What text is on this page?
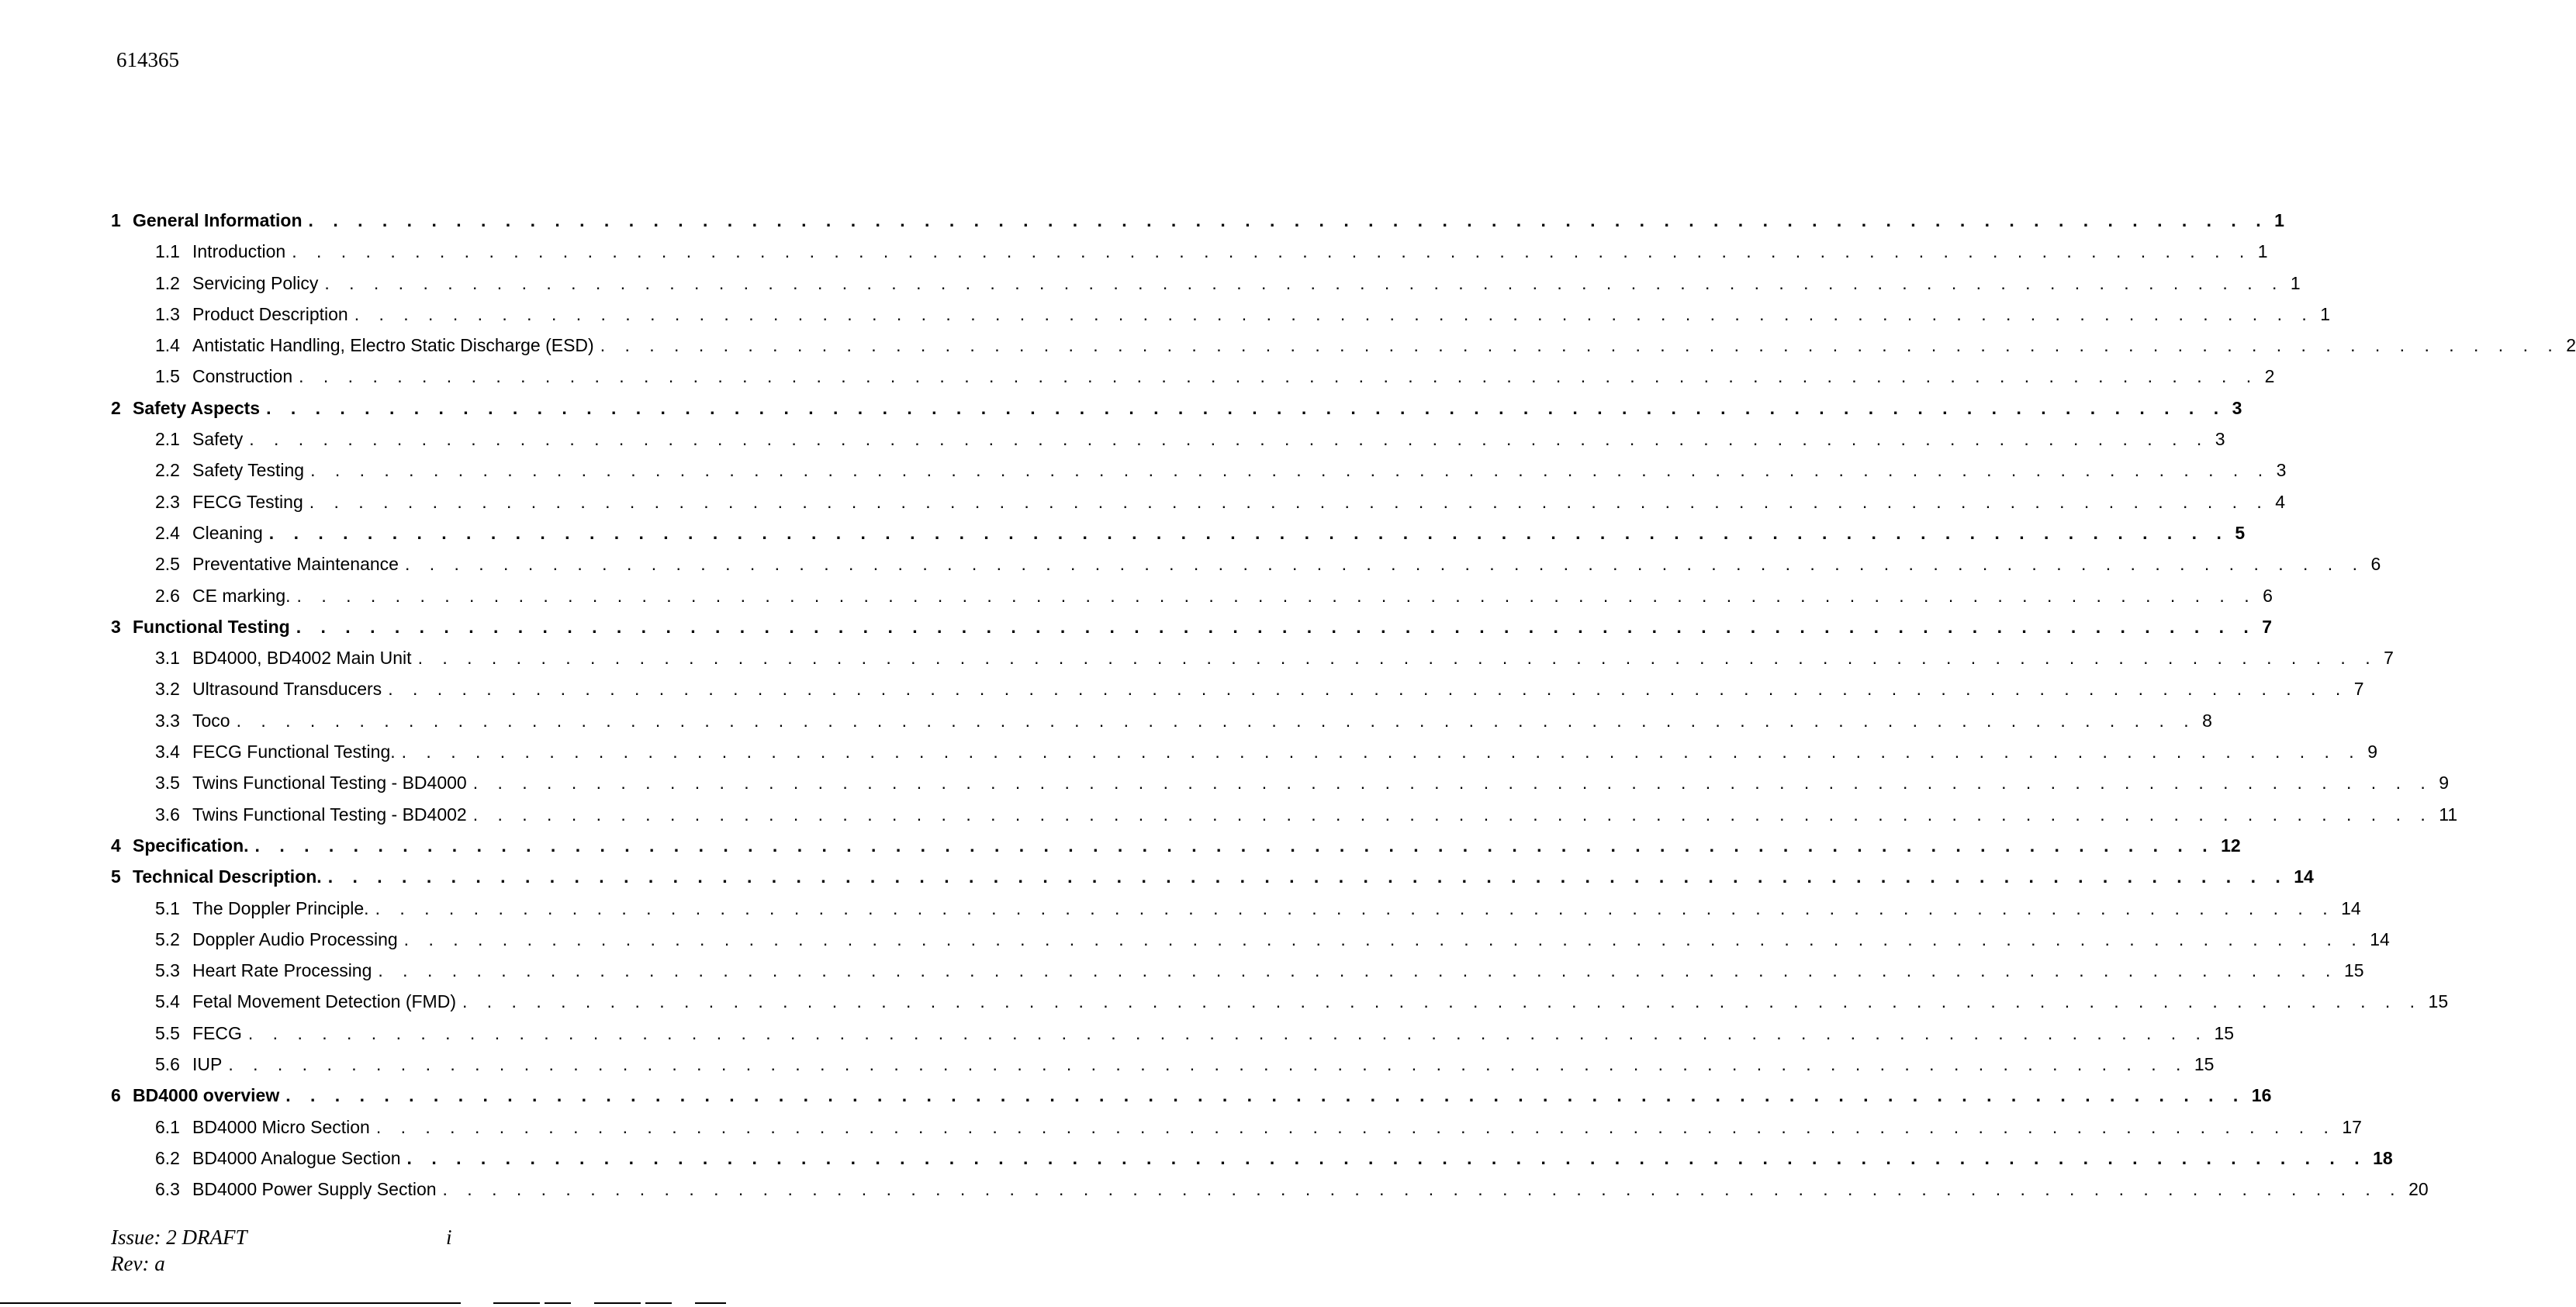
614365
1 General Information . . . . . . . . . . . . . . . . . . . . . . . . . . . . . . . . . . . . . . . . . . . . . . . . . . . . . . . . . . . . . . . . . . . . . . . . . . . . . . . . 1
1.1 Introduction . . . . . . . . . . . . . . . . . . . . . . . . . . . . . . . . . . . . . . . . . . . . . . . . . . . . . . . . . . . . . . . . . . . . . . . . . . . . . . . . 1
1.2 Servicing Policy . . . . . . . . . . . . . . . . . . . . . . . . . . . . . . . . . . . . . . . . . . . . . . . . . . . . . . . . . . . . . . . . . . . . . . . . . . . . . . . . 1
1.3 Product Description . . . . . . . . . . . . . . . . . . . . . . . . . . . . . . . . . . . . . . . . . . . . . . . . . . . . . . . . . . . . . . . . . . . . . . . . . . . . . . . . 1
1.4 Antistatic Handling, Electro Static Discharge (ESD) . . . . . . . . . . . . . . . . . . . . . . . . . . . . . . . . . . . . . . . . . . . . . . . . . . . . . . . . . . . . . . . . . . . . . . . . . . . . . . . . 2
1.5 Construction . . . . . . . . . . . . . . . . . . . . . . . . . . . . . . . . . . . . . . . . . . . . . . . . . . . . . . . . . . . . . . . . . . . . . . . . . . . . . . . . 2
2 Safety Aspects . . . . . . . . . . . . . . . . . . . . . . . . . . . . . . . . . . . . . . . . . . . . . . . . . . . . . . . . . . . . . . . . . . . . . . . . . . . . . . . . 3
2.1 Safety . . . . . . . . . . . . . . . . . . . . . . . . . . . . . . . . . . . . . . . . . . . . . . . . . . . . . . . . . . . . . . . . . . . . . . . . . . . . . . . . 3
2.2 Safety Testing . . . . . . . . . . . . . . . . . . . . . . . . . . . . . . . . . . . . . . . . . . . . . . . . . . . . . . . . . . . . . . . . . . . . . . . . . . . . . . . . 3
2.3 FECG Testing . . . . . . . . . . . . . . . . . . . . . . . . . . . . . . . . . . . . . . . . . . . . . . . . . . . . . . . . . . . . . . . . . . . . . . . . . . . . . . . . 4
2.4 Cleaning . . . . . . . . . . . . . . . . . . . . . . . . . . . . . . . . . . . . . . . . . . . . . . . . . . . . . . . . . . . . . . . . . . . . . . . . . . . . . . . . 5
2.5 Preventative Maintenance . . . . . . . . . . . . . . . . . . . . . . . . . . . . . . . . . . . . . . . . . . . . . . . . . . . . . . . . . . . . . . . . . . . . . . . . . . . . . . . . 6
2.6 CE marking. . . . . . . . . . . . . . . . . . . . . . . . . . . . . . . . . . . . . . . . . . . . . . . . . . . . . . . . . . . . . . . . . . . . . . . . . . . . . . . . . 6
3 Functional Testing . . . . . . . . . . . . . . . . . . . . . . . . . . . . . . . . . . . . . . . . . . . . . . . . . . . . . . . . . . . . . . . . . . . . . . . . . . . . . . . . 7
3.1 BD4000, BD4002 Main Unit . . . . . . . . . . . . . . . . . . . . . . . . . . . . . . . . . . . . . . . . . . . . . . . . . . . . . . . . . . . . . . . . . . . . . . . . . . . . . . . . 7
3.2 Ultrasound Transducers . . . . . . . . . . . . . . . . . . . . . . . . . . . . . . . . . . . . . . . . . . . . . . . . . . . . . . . . . . . . . . . . . . . . . . . . . . . . . . . . 7
3.3 Toco . . . . . . . . . . . . . . . . . . . . . . . . . . . . . . . . . . . . . . . . . . . . . . . . . . . . . . . . . . . . . . . . . . . . . . . . . . . . . . . . 8
3.4 FECG Functional Testing. . . . . . . . . . . . . . . . . . . . . . . . . . . . . . . . . . . . . . . . . . . . . . . . . . . . . . . . . . . . . . . . . . . . . . . . . . . . . . . . . 9
3.5 Twins Functional Testing - BD4000 . . . . . . . . . . . . . . . . . . . . . . . . . . . . . . . . . . . . . . . . . . . . . . . . . . . . . . . . . . . . . . . . . . . . . . . . . . . . . . . . 9
3.6 Twins Functional Testing - BD4002 . . . . . . . . . . . . . . . . . . . . . . . . . . . . . . . . . . . . . . . . . . . . . . . . . . . . . . . . . . . . . . . . . . . . . . . . . . . . . . . . 11
4 Specification. . . . . . . . . . . . . . . . . . . . . . . . . . . . . . . . . . . . . . . . . . . . . . . . . . . . . . . . . . . . . . . . . . . . . . . . . . . . . . . . . 12
5 Technical Description. . . . . . . . . . . . . . . . . . . . . . . . . . . . . . . . . . . . . . . . . . . . . . . . . . . . . . . . . . . . . . . . . . . . . . . . . . . . . . . . . 14
5.1 The Doppler Principle. . . . . . . . . . . . . . . . . . . . . . . . . . . . . . . . . . . . . . . . . . . . . . . . . . . . . . . . . . . . . . . . . . . . . . . . . . . . . . . . . 14
5.2 Doppler Audio Processing . . . . . . . . . . . . . . . . . . . . . . . . . . . . . . . . . . . . . . . . . . . . . . . . . . . . . . . . . . . . . . . . . . . . . . . . . . . . . . . . 14
5.3 Heart Rate Processing . . . . . . . . . . . . . . . . . . . . . . . . . . . . . . . . . . . . . . . . . . . . . . . . . . . . . . . . . . . . . . . . . . . . . . . . . . . . . . . . 15
5.4 Fetal Movement Detection (FMD) . . . . . . . . . . . . . . . . . . . . . . . . . . . . . . . . . . . . . . . . . . . . . . . . . . . . . . . . . . . . . . . . . . . . . . . . . . . . . . . . 15
5.5 FECG . . . . . . . . . . . . . . . . . . . . . . . . . . . . . . . . . . . . . . . . . . . . . . . . . . . . . . . . . . . . . . . . . . . . . . . . . . . . . . . . 15
5.6 IUP . . . . . . . . . . . . . . . . . . . . . . . . . . . . . . . . . . . . . . . . . . . . . . . . . . . . . . . . . . . . . . . . . . . . . . . . . . . . . . . . 15
6 BD4000 overview . . . . . . . . . . . . . . . . . . . . . . . . . . . . . . . . . . . . . . . . . . . . . . . . . . . . . . . . . . . . . . . . . . . . . . . . . . . . . . . . 16
6.1 BD4000 Micro Section . . . . . . . . . . . . . . . . . . . . . . . . . . . . . . . . . . . . . . . . . . . . . . . . . . . . . . . . . . . . . . . . . . . . . . . . . . . . . . . . 17
6.2 BD4000 Analogue Section . . . . . . . . . . . . . . . . . . . . . . . . . . . . . . . . . . . . . . . . . . . . . . . . . . . . . . . . . . . . . . . . . . . . . . . . . . . . . . . . 18
6.3 BD4000 Power Supply Section . . . . . . . . . . . . . . . . . . . . . . . . . . . . . . . . . . . . . . . . . . . . . . . . . . . . . . . . . . . . . . . . . . . . . . . . . . . . . . . . 20
Issue: 2 DRAFT
Rev: a
i
